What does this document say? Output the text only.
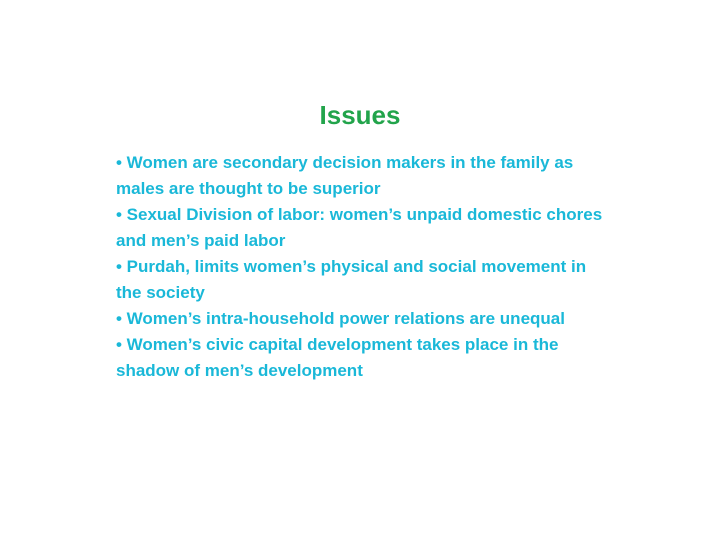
Issues

• Women are secondary decision makers in the family as males are thought to be superior

• Sexual Division of labor: women’s unpaid domestic chores and men’s paid labor

• Purdah, limits women’s physical and social movement in the society

• Women’s intra-household power relations are unequal

• Women’s civic capital development takes place in the shadow of men’s development
